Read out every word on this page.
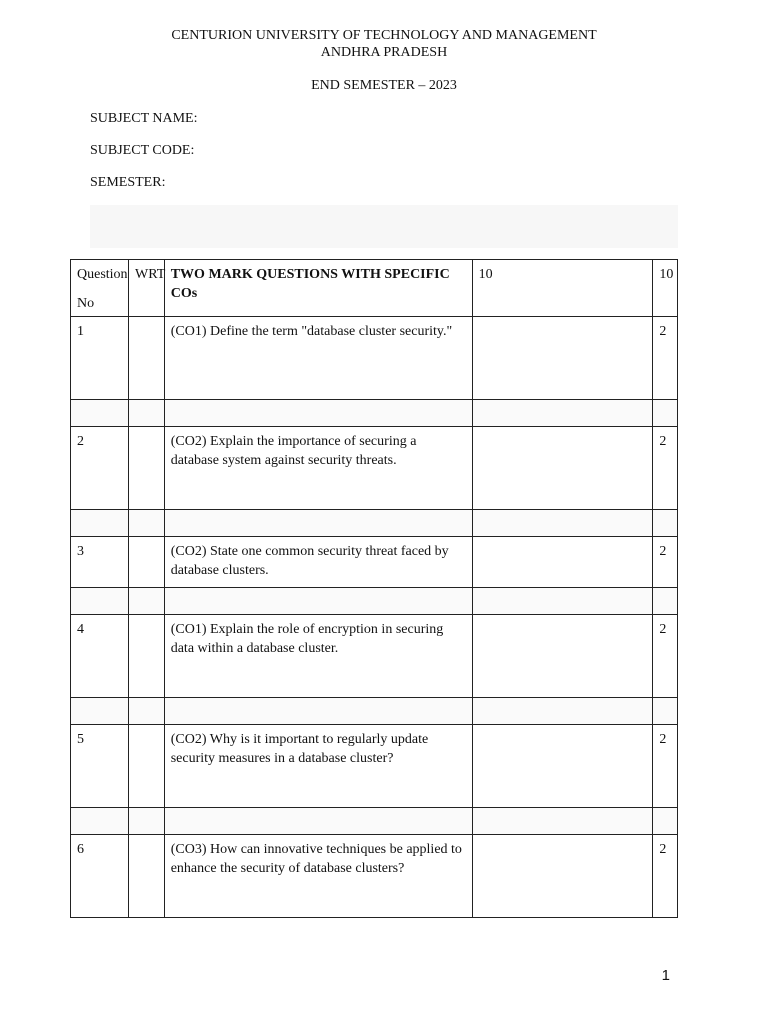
CENTURION UNIVERSITY OF TECHNOLOGY AND MANAGEMENT
ANDHRA PRADESH
END SEMESTER – 2023
SUBJECT NAME:
SUBJECT CODE:
SEMESTER:
Question
No	WRT	TWO MARK QUESTIONS WITH SPECIFIC COs	10	10
1		(CO1) Define the term "database cluster security."		2

2		(CO2) Explain the importance of securing a database system against security threats.		2

3		(CO2) State one common security threat faced by database clusters.		2

4		(CO1) Explain the role of encryption in securing data within a database cluster.		2

5		(CO2) Why is it important to regularly update security measures in a database cluster?		2

6		(CO3) How can innovative techniques be applied to enhance the security of database clusters?		2
1
